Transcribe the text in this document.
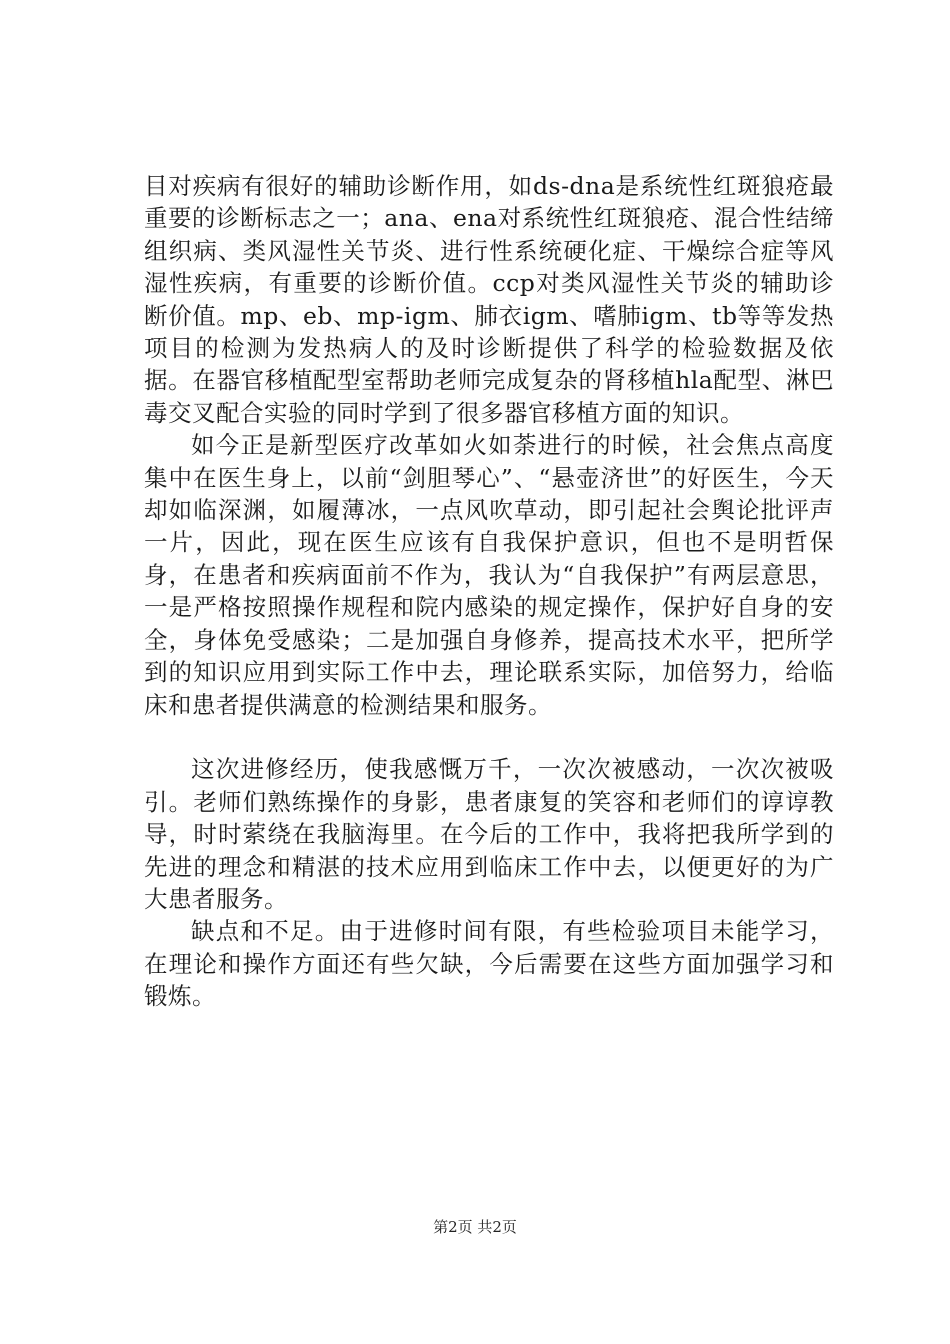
目对疾病有很好的辅助诊断作用，如ds-dna是系统性红斑狼疮最重要的诊断标志之一；ana、ena对系统性红斑狼疮、混合性结缔组织病、类风湿性关节炎、进行性系统硬化症、干燥综合症等风湿性疾病，有重要的诊断价值。ccp对类风湿性关节炎的辅助诊断价值。mp、eb、mp-igm、肺衣igm、嗜肺igm、tb等等发热项目的检测为发热病人的及时诊断提供了科学的检验数据及依据。在器官移植配型室帮助老师完成复杂的肾移植hla配型、淋巴毒交叉配合实验的同时学到了很多器官移植方面的知识。

如今正是新型医疗改革如火如荼进行的时候，社会焦点高度集中在医生身上，以前“剑胆琴心”、“悬壶济世”的好医生，今天却如临深渊，如履薄冰，一点风吹草动，即引起社会舆论批评声一片，因此，现在医生应该有自我保护意识，但也不是明哲保身，在患者和疾病面前不作为，我认为“自我保护”有两层意思，一是严格按照操作规程和院内感染的规定操作，保护好自身的安全，身体免受感染；二是加强自身修养，提高技术水平，把所学到的知识应用到实际工作中去，理论联系实际，加倍努力，给临床和患者提供满意的检测结果和服务。

这次进修经历，使我感慨万千，一次次被感动，一次次被吸引。老师们熟练操作的身影，患者康复的笑容和老师们的谆谆教导，时时萦绕在我脑海里。在今后的工作中，我将把我所学到的先进的理念和精湛的技术应用到临床工作中去，以便更好的为广大患者服务。

缺点和不足。由于进修时间有限，有些检验项目未能学习，在理论和操作方面还有些欠缺，今后需要在这些方面加强学习和锻炼。

第2页 共2页
